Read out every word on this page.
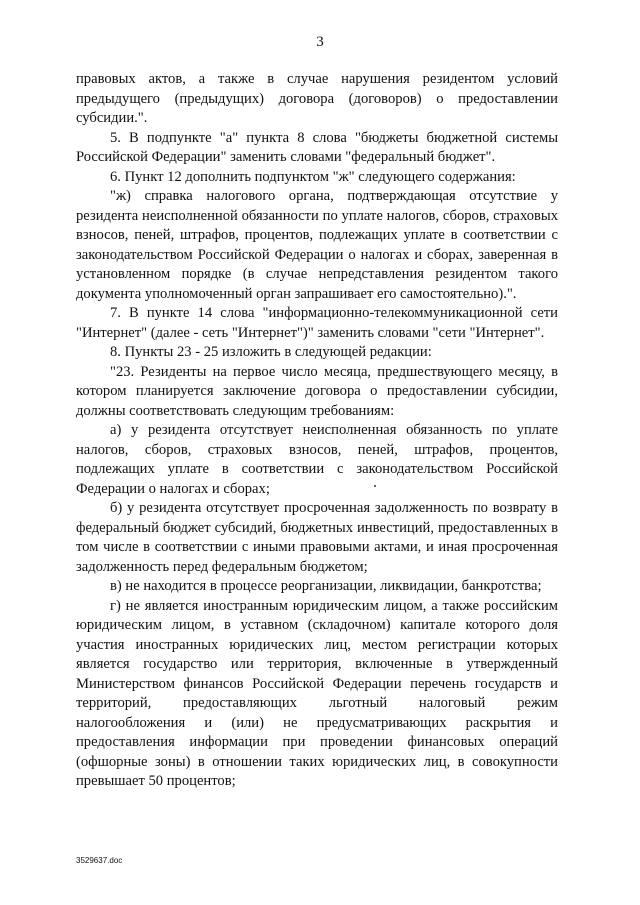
3

правовых актов, а также в случае нарушения резидентом условий предыдущего (предыдущих) договора (договоров) о предоставлении субсидии.".

5. В подпункте "а" пункта 8 слова "бюджеты бюджетной системы Российской Федерации" заменить словами "федеральный бюджет".

6. Пункт 12 дополнить подпунктом "ж" следующего содержания:

"ж) справка налогового органа, подтверждающая отсутствие у резидента неисполненной обязанности по уплате налогов, сборов, страховых взносов, пеней, штрафов, процентов, подлежащих уплате в соответствии с законодательством Российской Федерации о налогах и сборах, заверенная в установленном порядке (в случае непредставления резидентом такого документа уполномоченный орган запрашивает его самостоятельно).".

7. В пункте 14 слова "информационно-телекоммуникационной сети "Интернет" (далее - сеть "Интернет")" заменить словами "сети "Интернет".

8. Пункты 23 - 25 изложить в следующей редакции:

"23. Резиденты на первое число месяца, предшествующего месяцу, в котором планируется заключение договора о предоставлении субсидии, должны соответствовать следующим требованиям:

а) у резидента отсутствует неисполненная обязанность по уплате налогов, сборов, страховых взносов, пеней, штрафов, процентов, подлежащих уплате в соответствии с законодательством Российской Федерации о налогах и сборах;

б) у резидента отсутствует просроченная задолженность по возврату в федеральный бюджет субсидий, бюджетных инвестиций, предоставленных в том числе в соответствии с иными правовыми актами, и иная просроченная задолженность перед федеральным бюджетом;

в) не находится в процессе реорганизации, ликвидации, банкротства;

г) не является иностранным юридическим лицом, а также российским юридическим лицом, в уставном (складочном) капитале которого доля участия иностранных юридических лиц, местом регистрации которых является государство или территория, включенные в утвержденный Министерством финансов Российской Федерации перечень государств и территорий, предоставляющих льготный налоговый режим налогообложения и (или) не предусматривающих раскрытия и предоставления информации при проведении финансовых операций (офшорные зоны) в отношении таких юридических лиц, в совокупности превышает 50 процентов;

3529637.doc
